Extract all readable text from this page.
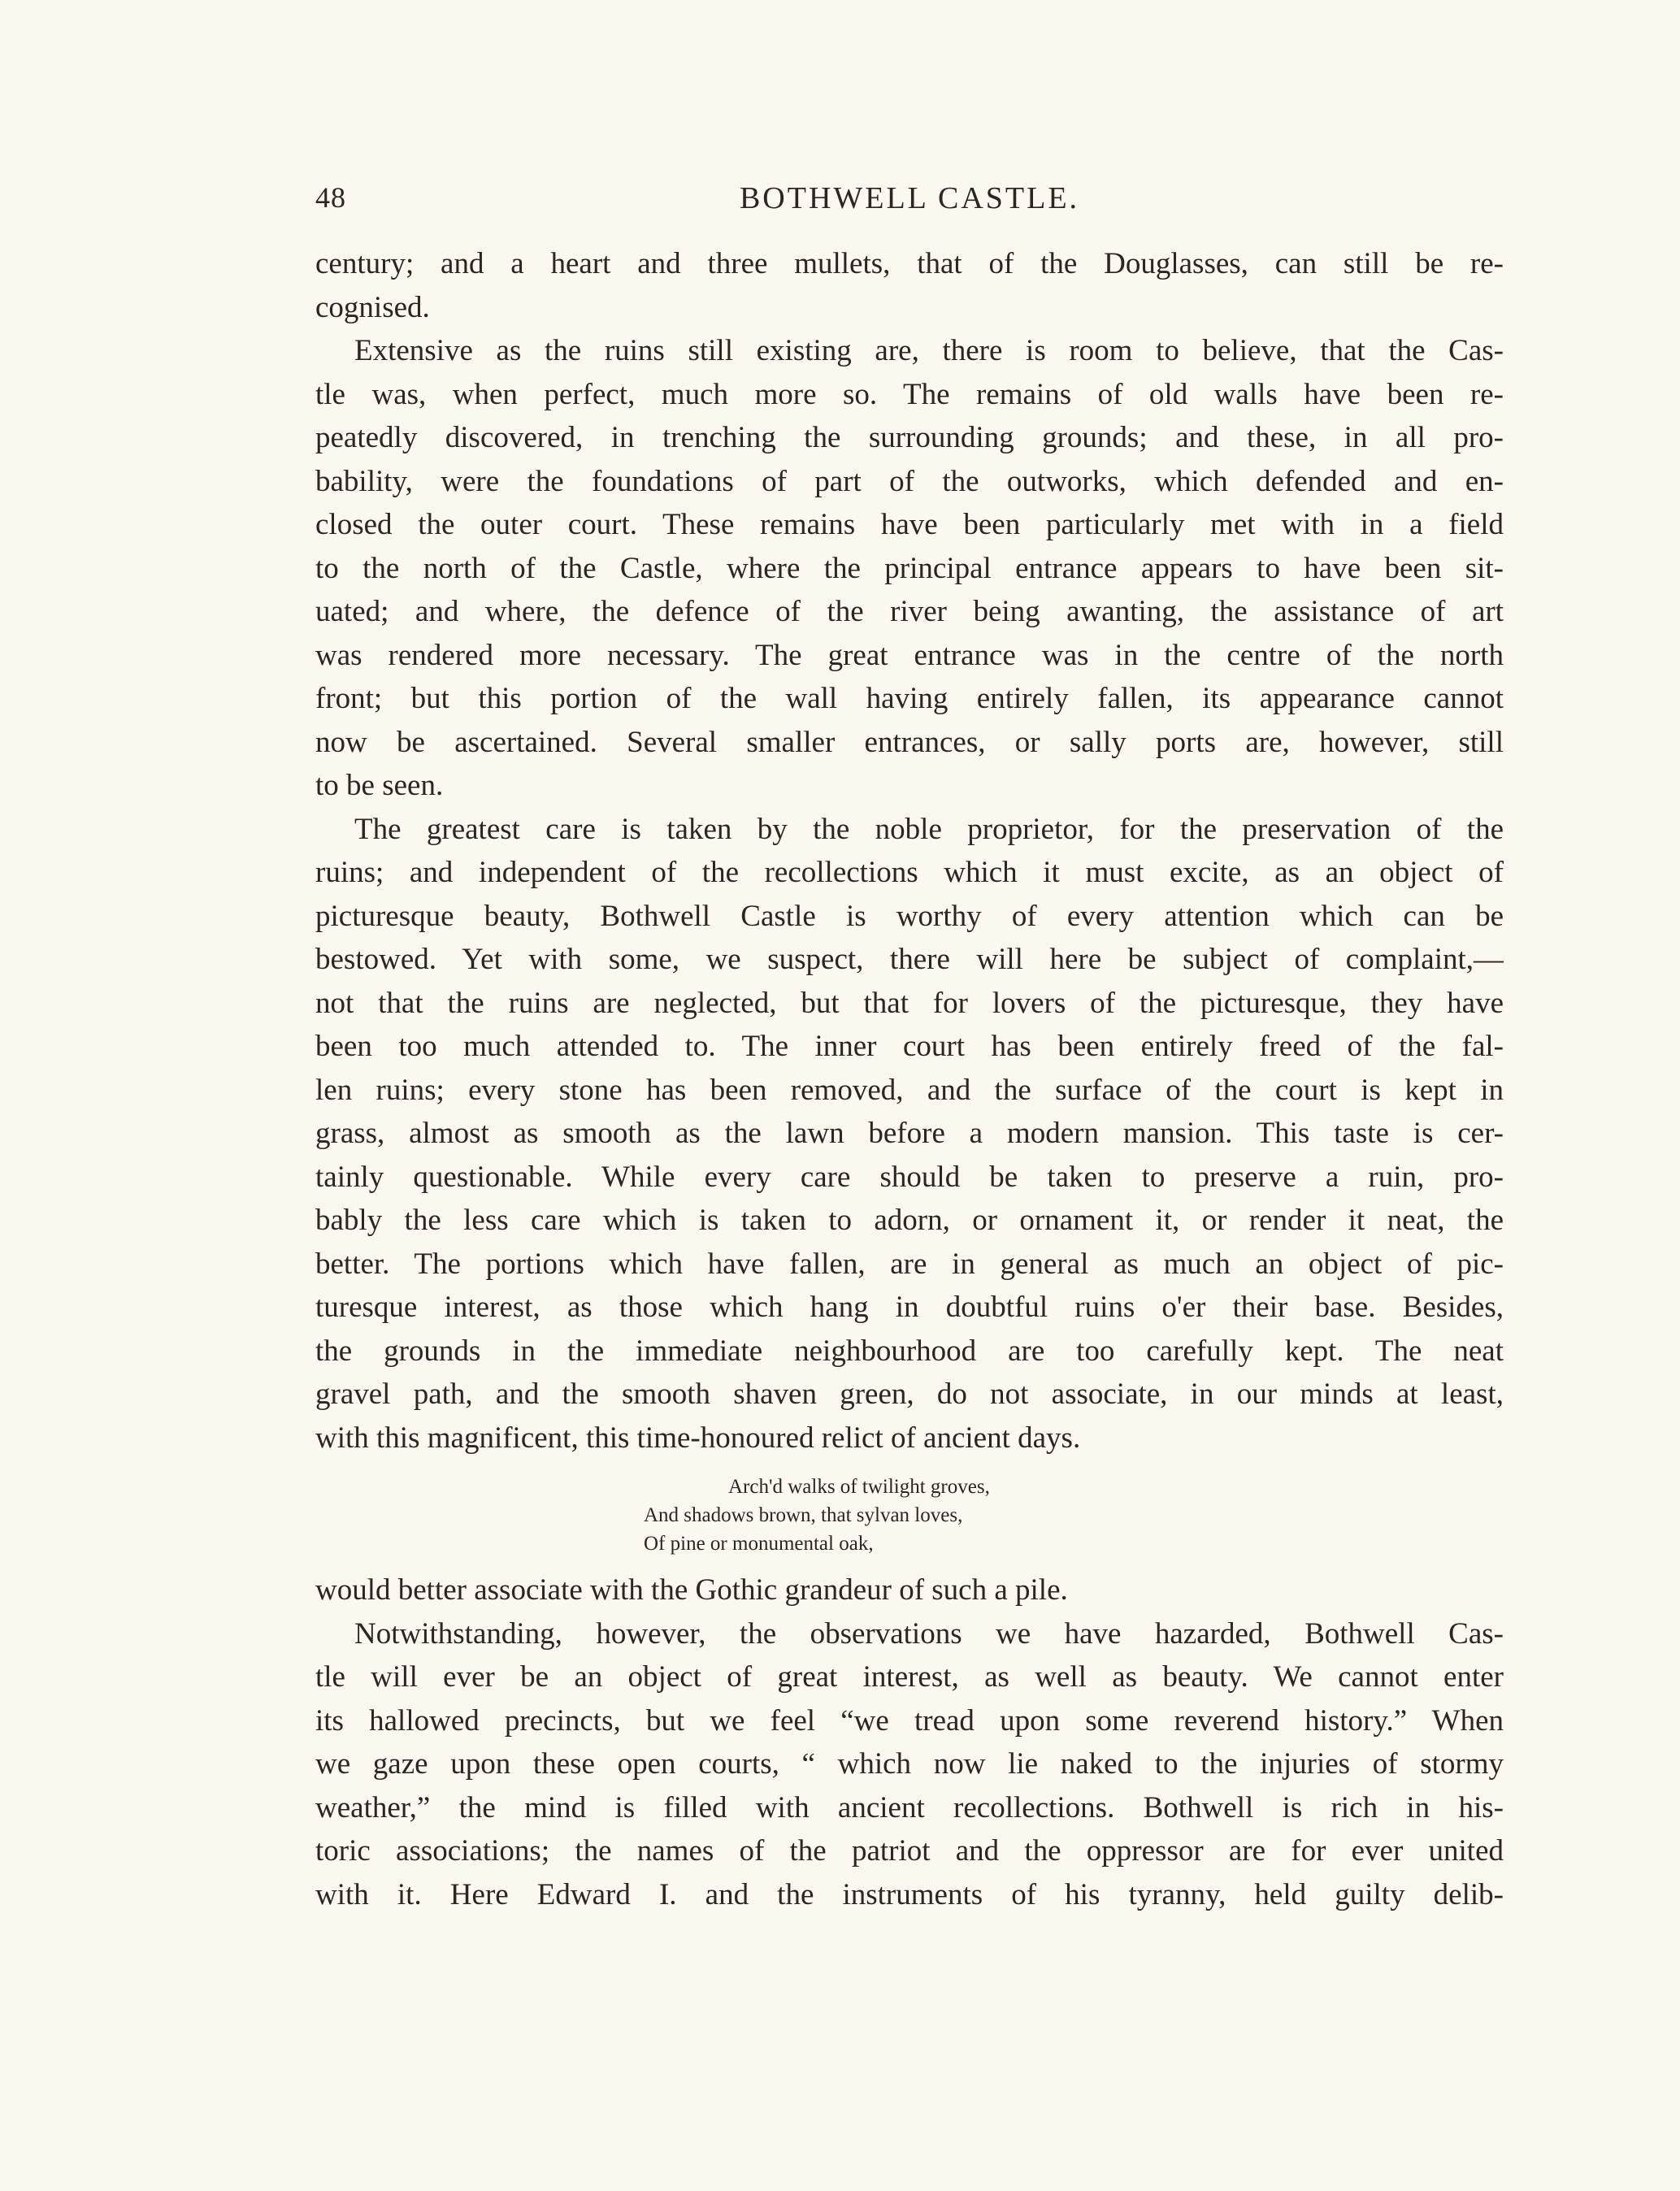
48	BOTHWELL CASTLE.
century; and a heart and three mullets, that of the Douglasses, can still be re-
cognised.
Extensive as the ruins still existing are, there is room to believe, that the Cas-
tle was, when perfect, much more so. The remains of old walls have been re-
peatedly discovered, in trenching the surrounding grounds; and these, in all pro-
bability, were the foundations of part of the outworks, which defended and en-
closed the outer court. These remains have been particularly met with in a field
to the north of the Castle, where the principal entrance appears to have been sit-
uated; and where, the defence of the river being awanting, the assistance of art
was rendered more necessary. The great entrance was in the centre of the north
front; but this portion of the wall having entirely fallen, its appearance cannot
now be ascertained. Several smaller entrances, or sally ports are, however, still
to be seen.
The greatest care is taken by the noble proprietor, for the preservation of the
ruins; and independent of the recollections which it must excite, as an object of
picturesque beauty, Bothwell Castle is worthy of every attention which can be
bestowed. Yet with some, we suspect, there will here be subject of complaint,—
not that the ruins are neglected, but that for lovers of the picturesque, they have
been too much attended to. The inner court has been entirely freed of the fal-
len ruins; every stone has been removed, and the surface of the court is kept in
grass, almost as smooth as the lawn before a modern mansion. This taste is cer-
tainly questionable. While every care should be taken to preserve a ruin, pro-
bably the less care which is taken to adorn, or ornament it, or render it neat, the
better. The portions which have fallen, are in general as much an object of pic-
turesque interest, as those which hang in doubtful ruins o'er their base. Besides,
the grounds in the immediate neighbourhood are too carefully kept. The neat
gravel path, and the smooth shaven green, do not associate, in our minds at least,
with this magnificent, this time-honoured relict of ancient days.
Arch'd walks of twilight groves,
And shadows brown, that sylvan loves,
Of pine or monumental oak,
would better associate with the Gothic grandeur of such a pile.
Notwithstanding, however, the observations we have hazarded, Bothwell Cas-
tle will ever be an object of great interest, as well as beauty. We cannot enter
its hallowed precincts, but we feel “we tread upon some reverend history.” When
we gaze upon these open courts, “ which now lie naked to the injuries of stormy
weather,” the mind is filled with ancient recollections. Bothwell is rich in his-
toric associations; the names of the patriot and the oppressor are for ever united
with it. Here Edward I. and the instruments of his tyranny, held guilty delib-
